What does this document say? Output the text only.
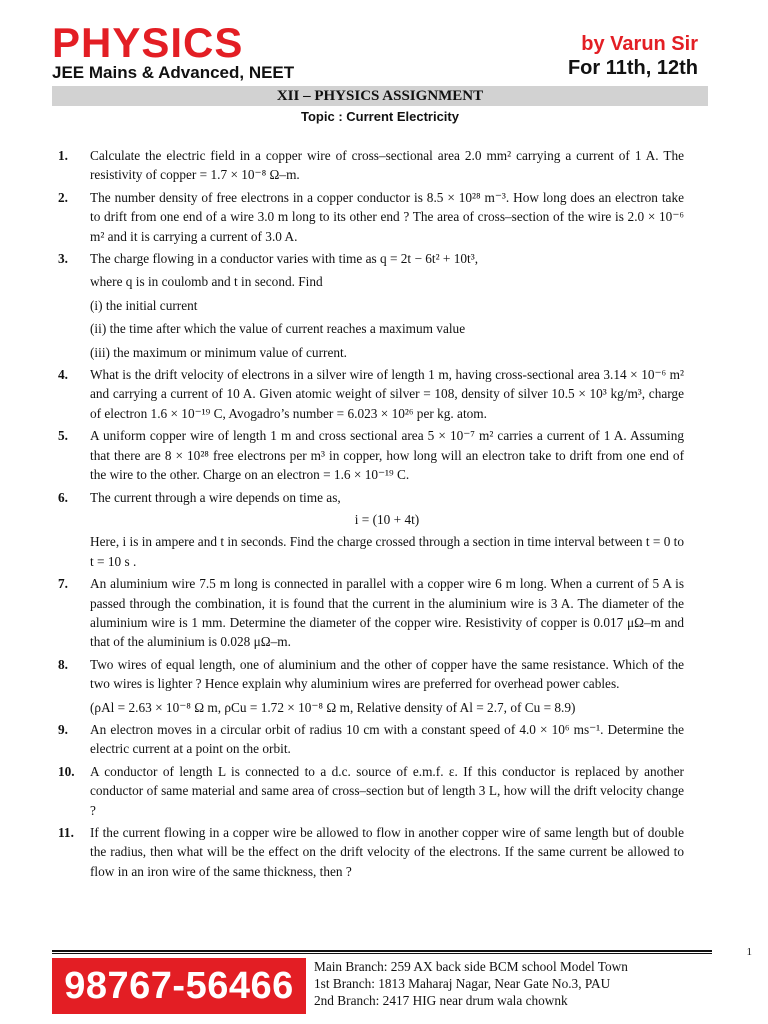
PHYSICS
JEE Mains & Advanced, NEET
by Varun Sir
For 11th, 12th
XII – PHYSICS ASSIGNMENT
Topic : Current Electricity
1. Calculate the electric field in a copper wire of cross–sectional area 2.0 mm² carrying a current of 1 A. The resistivity of copper = 1.7 × 10⁻⁸ Ω–m.
2. The number density of free electrons in a copper conductor is 8.5 × 10²⁸ m⁻³. How long does an electron take to drift from one end of a wire 3.0 m long to its other end ? The area of cross–section of the wire is 2.0 × 10⁻⁶ m² and it is carrying a current of 3.0 A.
3. The charge flowing in a conductor varies with time as q = 2t − 6t² + 10t³,
where q is in coulomb and t in second. Find
(i) the initial current
(ii) the time after which the value of current reaches a maximum value
(iii) the maximum or minimum value of current.
4. What is the drift velocity of electrons in a silver wire of length 1 m, having cross-sectional area 3.14 × 10⁻⁶ m² and carrying a current of 10 A. Given atomic weight of silver = 108, density of silver 10.5 × 10³ kg/m³, charge of electron 1.6 × 10⁻¹⁹ C, Avogadro’s number = 6.023 × 10²⁶ per kg. atom.
5. A uniform copper wire of length 1 m and cross sectional area 5 × 10⁻⁷ m² carries a current of 1 A. Assuming that there are 8 × 10²⁸ free electrons per m³ in copper, how long will an electron take to drift from one end of the wire to the other. Charge on an electron = 1.6 × 10⁻¹⁹ C.
6. The current through a wire depends on time as,
i = (10 + 4t)
Here, i is in ampere and t in seconds. Find the charge crossed through a section in time interval between t = 0 to t = 10 s .
7. An aluminium wire 7.5 m long is connected in parallel with a copper wire 6 m long. When a current of 5 A is passed through the combination, it is found that the current in the aluminium wire is 3 A. The diameter of the aluminium wire is 1 mm. Determine the diameter of the copper wire. Resistivity of copper is 0.017 μΩ–m and that of the aluminium is 0.028 μΩ–m.
8. Two wires of equal length, one of aluminium and the other of copper have the same resistance. Which of the two wires is lighter ? Hence explain why aluminium wires are preferred for overhead power cables.
(ρAl = 2.63 × 10⁻⁸ Ω m, ρCu = 1.72 × 10⁻⁸ Ω m, Relative density of Al = 2.7, of Cu = 8.9)
9. An electron moves in a circular orbit of radius 10 cm with a constant speed of 4.0 × 10⁶ ms⁻¹. Determine the electric current at a point on the orbit.
10. A conductor of length L is connected to a d.c. source of e.m.f. ε. If this conductor is replaced by another conductor of same material and same area of cross–section but of length 3 L, how will the drift velocity change ?
11. If the current flowing in a copper wire be allowed to flow in another copper wire of same length but of double the radius, then what will be the effect on the drift velocity of the electrons. If the same current be allowed to flow in an iron wire of the same thickness, then ?
1
98767-56466	Main Branch: 259 AX back side BCM school Model Town
1st Branch: 1813 Maharaj Nagar, Near Gate No.3, PAU
2nd Branch: 2417 HIG near drum wala chownk
